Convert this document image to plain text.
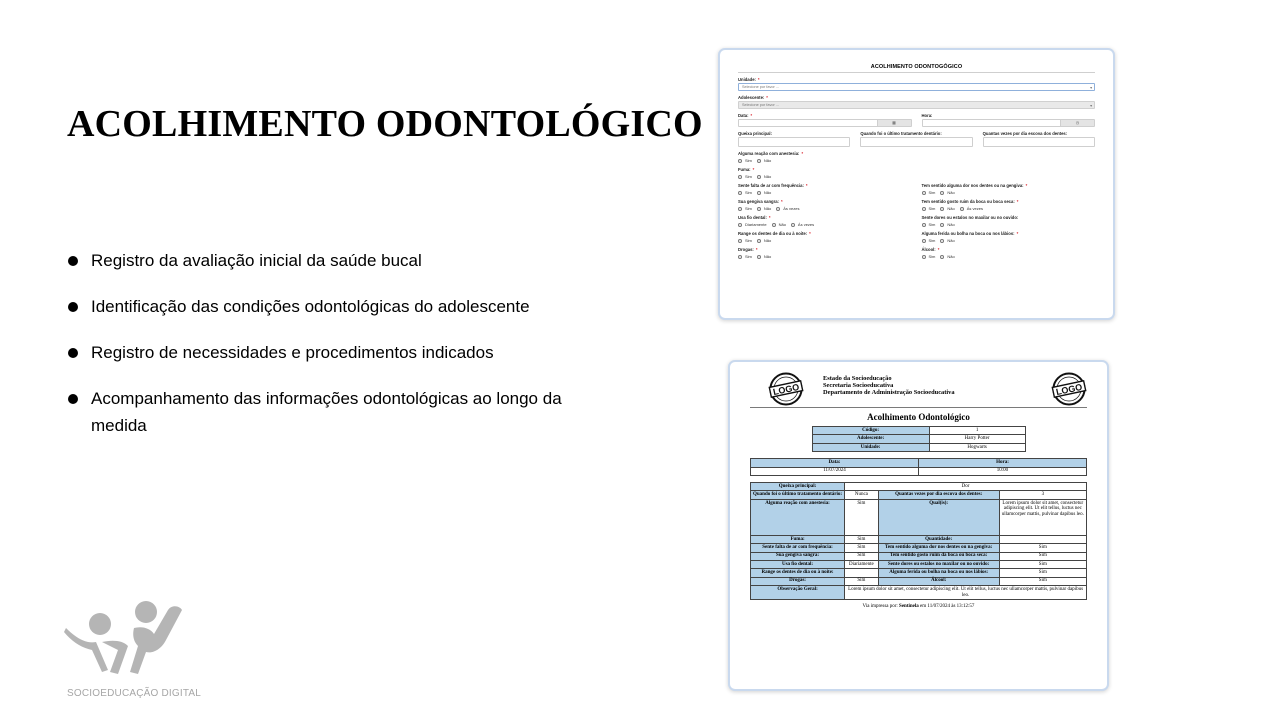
ACOLHIMENTO ODONTOLÓGICO
Registro da avaliação inicial da saúde bucal
Identificação das condições odontológicas do adolescente
Registro de necessidades e procedimentos indicados
Acompanhamento das informações odontológicas ao longo da medida
SOCIOEDUCAÇÃO DIGITAL
ACOLHIMENTO ODONTOGÓGICO
Unidade: *
Selecione por favor ...	▾
Adolescente: *
Selecione por favor ...	▾
Data: *
▦
Hora:
◷
Queixa principal:	Quando foi o último tratamento dentário:	Quantas vezes por dia escova dos dentes:
Alguma reação com anestesia: *
Sim	Não
Fuma: *
Sim	Não
Sente falta de ar com frequência: *
Sim	Não
Sua gengiva sangra: *
Sim	Não	Ás vezes
Usa fio dental: *
Diariamente	Não	Ás vezes
Range os dentes de dia ou à noite: *
Sim	Não
Drogas: *
Sim	Não
Tem sentido alguma dor nos dentes ou na gengiva: *
Sim	Não
Tem sentido gosto ruim da boca ou boca seca: *
Sim	Não	Ás vezes
Sente dores ou estalos no maxilar ou no ouvido:
Sim	Não
Alguma ferida ou bolha na boca ou nos lábios: *
Sim	Não
Álcool: *
Sim	Não
LOGO
Estado da Socioeducação
Secretaria Socioeducativa
Departamento de Administração Socioeducativa	LOGO
Acolhimento Odontológico
Código:	1
Adolescente:	Harry Potter
Unidade:	Hogwarts
Data:	Hora:
11/07/2024	10:00
Queixa principal:	Dor		
Quando foi o último tratamento dentário:	Nunca	Quantas vezes por dia escova dos dentes:	3
Alguma reação com anestesia:	Sim	Qual(is):	Lorem ipsum dolor sit amet, consectetur adipiscing elit. Ut elit tellus, luctus nec ullamcorper mattis, pulvinar dapibus leo.
Fuma:	Sim	Quantidade:	
Sente falta de ar com frequência:	Sim	Tem sentido alguma dor nos dentes ou na gengiva:	Sim
Sua gengiva sangra:	Sim	Tem sentido gosto ruim da boca ou boca seca:	Sim
Usa fio dental:	Diariamente	Sente dores ou estalos no maxilar ou no ouvido:	Sim
Range os dentes de dia ou à noite:		Alguma ferida ou bolha na boca ou nos lábios:	Sim
Drogas:	Sim	Álcool:	Sim
Observação Geral:	Lorem ipsum dolor sit amet, consectetur adipiscing elit. Ut elit tellus, luctus nec ullamcorper mattis, pulvinar dapibus leo.		
Via impressa por: Sentinela em 11/07/2024 às 13:12:57
